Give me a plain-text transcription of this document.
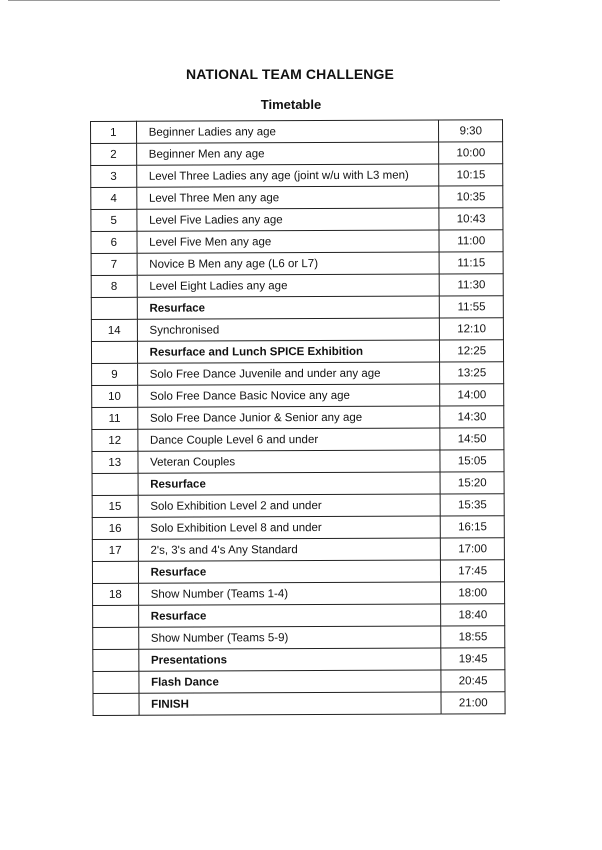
NATIONAL TEAM CHALLENGE
Timetable
1	Beginner Ladies any age	9:30
2	Beginner Men any age	10:00
3	Level Three Ladies any age (joint w/u with L3 men)	10:15
4	Level Three Men any age	10:35
5	Level Five Ladies any age	10:43
6	Level Five Men any age	11:00
7	Novice B Men any age (L6 or L7)	11:15
8	Level Eight Ladies any age	11:30
	Resurface	11:55
14	Synchronised	12:10
	Resurface and Lunch SPICE Exhibition	12:25
9	Solo Free Dance Juvenile and under any age	13:25
10	Solo Free Dance Basic Novice any age	14:00
11	Solo Free Dance Junior & Senior any age	14:30
12	Dance Couple Level 6 and under	14:50
13	Veteran Couples	15:05
	Resurface	15:20
15	Solo Exhibition Level 2 and under	15:35
16	Solo Exhibition Level 8 and under	16:15
17	2's, 3's and 4's Any Standard	17:00
	Resurface	17:45
18	Show Number (Teams 1-4)	18:00
	Resurface	18:40
	Show Number (Teams 5-9)	18:55
	Presentations	19:45
	Flash Dance	20:45
	FINISH	21:00
